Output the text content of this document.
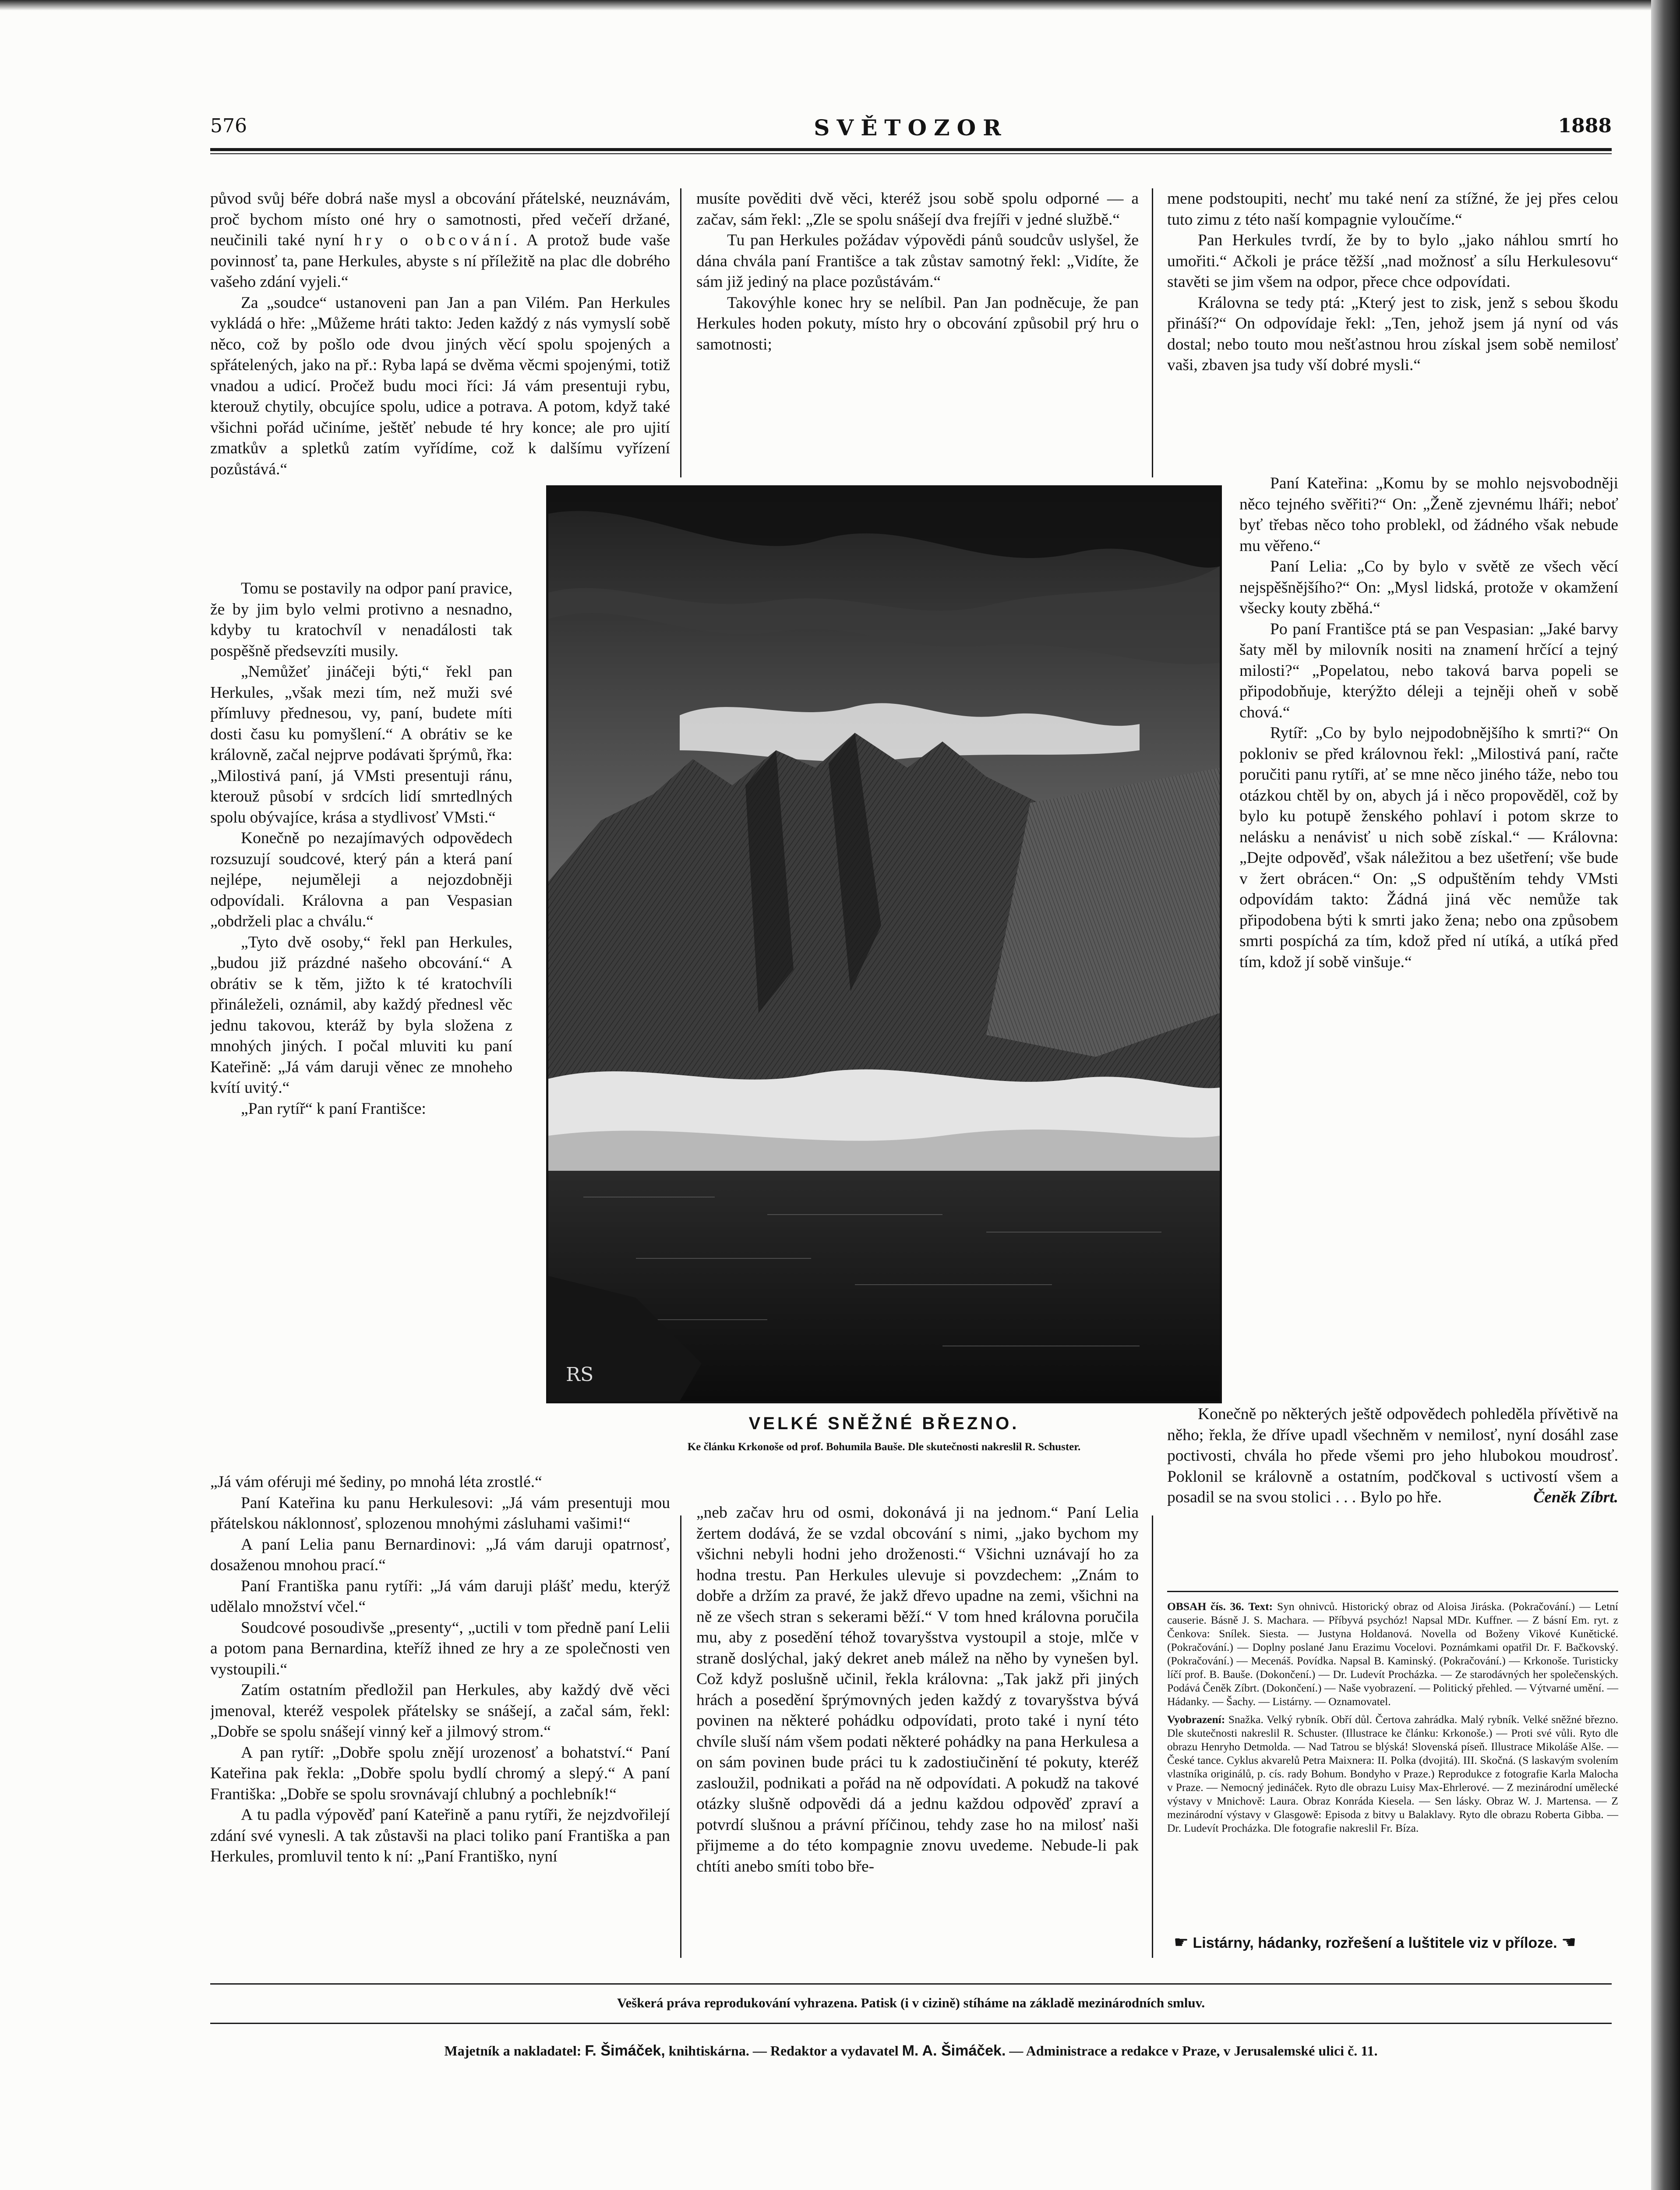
576	SVĚTOZOR	1888

původ svůj béře dobrá naše mysl a obcování přátelské, neuznávám, proč bychom místo oné hry o samotnosti, před večeří držané, neučinili také nyní hry o obcování. A protož bude vaše povinnosť ta, pane Herkules, abyste s ní příležitě na plac dle dobrého vašeho zdání vyjeli.“

Za „soudce“ ustanoveni pan Jan a pan Vilém. Pan Herkules vykládá o hře: „Můžeme hráti takto: Jeden každý z nás vymyslí sobě něco, což by pošlo ode dvou jiných věcí spolu spojených a spřátelených, jako na př.: Ryba lapá se dvěma věcmi spojenými, totiž vnadou a udicí. Pročež budu moci říci: Já vám presentuji rybu, kterouž chytily, obcujíce spolu, udice a potrava. A potom, když také všichni pořád učiníme, ještěť nebude té hry konce; ale pro ujití zmatkův a spletků zatím vyřídíme, což k dalšímu vyřízení pozůstává.“

Tomu se postavily na odpor paní pravice, že by jim bylo velmi protivno a nesnadno, kdyby tu kratochvíl v nenadálosti tak pospěšně předsevzíti musily.

„Nemůžeť jináčeji býti,“ řekl pan Herkules, „však mezi tím, než muži své přímluvy přednesou, vy, paní, budete míti dosti času ku pomyšlení.“ A obrátiv se ke královně, začal nejprve podávati šprýmů, řka: „Milostivá paní, já VMsti presentuji ránu, kterouž působí v srdcích lidí smrtedlných spolu obývajíce, krása a stydlivosť VMsti.“

Konečně po nezajímavých odpovědech rozsuzují soudcové, který pán a která paní nejlépe, nejuměleji a nejozdobněji odpovídali. Královna a pan Vespasian „obdrželi plac a chválu.“

„Tyto dvě osoby,“ řekl pan Herkules, „budou již prázdné našeho obcování.“ A obrátiv se k těm, jižto k té kratochvíli přináleželi, oznámil, aby každý přednesl věc jednu takovou, kteráž by byla složena z mnohých jiných. I počal mluviti ku paní Kateřině: „Já vám daruji věnec ze mnoheho kvítí uvitý.“

„Pan rytíř“ k paní Františce:

„Já vám oféruji mé šediny, po mnohá léta zrostlé.“

Paní Kateřina ku panu Herkulesovi: „Já vám presentuji mou přátelskou náklonnosť, splozenou mnohými zásluhami vašimi!“

A paní Lelia panu Bernardinovi: „Já vám daruji opatrnosť, dosaženou mnohou prací.“

Paní Františka panu rytíři: „Já vám daruji plášť medu, kterýž udělalo množství včel.“

Soudcové posoudivše „presenty“, „uctili v tom předně paní Lelii a potom pana Bernardina, kteříž ihned ze hry a ze společnosti ven vystoupili.“

Zatím ostatním předložil pan Herkules, aby každý dvě věci jmenoval, kteréž vespolek přátelsky se snášejí, a začal sám, řekl: „Dobře se spolu snášejí vinný keř a jilmový strom.“

A pan rytíř: „Dobře spolu znějí urozenosť a bohatství.“ Paní Kateřina pak řekla: „Dobře spolu bydlí chromý a slepý.“ A paní Františka: „Dobře se spolu srovnávají chlubný a pochlebník!“

A tu padla výpověď paní Kateřině a panu rytíři, že nejzdvořilejí zdání své vynesli. A tak zůstavši na placi toliko paní Františka a pan Herkules, promluvil tento k ní: „Paní Františko, nyní

musíte pověditi dvě věci, kteréž jsou sobě spolu odporné — a začav, sám řekl: „Zle se spolu snášejí dva frejíři v jedné službě.“

Tu pan Herkules požádav výpovědi pánů soudcův uslyšel, že dána chvála paní Františce a tak zůstav samotný řekl: „Vidíte, že sám již jediný na place pozůstávám.“

Takovýhle konec hry se nelíbil. Pan Jan podněcuje, že pan Herkules hoden pokuty, místo hry o obcování způsobil prý hru o samotnosti;

mene podstoupiti, nechť mu také není za stížné, že jej přes celou tuto zimu z této naší kompagnie vyloučíme.“

Pan Herkules tvrdí, že by to bylo „jako náhlou smrtí ho umořiti.“ Ačkoli je práce těžší „nad možnosť a sílu Herkulesovu“ stavěti se jim všem na odpor, přece chce odpovídati.

Královna se tedy ptá: „Který jest to zisk, jenž s sebou škodu přináší?“ On odpovídaje řekl: „Ten, jehož jsem já nyní od vás dostal; nebo touto mou nešťastnou hrou získal jsem sobě nemilosť vaši, zbaven jsa tudy vší dobré mysli.“

Paní Kateřina: „Komu by se mohlo nejsvobodněji něco tejného svěřiti?“ On: „Ženě zjevnému lháři; neboť byť třebas něco toho problekl, od žádného však nebude mu věřeno.“

Paní Lelia: „Co by bylo v světě ze všech věcí nejspěšnějšího?“ On: „Mysl lidská, protože v okamžení všecky kouty zběhá.“

Po paní Františce ptá se pan Vespasian: „Jaké barvy šaty měl by milovník nositi na znamení hrčící a tejný milosti?“ „Popelatou, nebo taková barva popeli se připodobňuje, kterýžto déleji a tejněji oheň v sobě chová.“

Rytíř: „Co by bylo nejpodobnějšího k smrti?“ On pokloniv se před královnou řekl: „Milostivá paní, račte poručiti panu rytíři, ať se mne něco jiného táže, nebo tou otázkou chtěl by on, abych já i něco propověděl, což by bylo ku potupě ženského pohlaví i potom skrze to nelásku a nenávisť u nich sobě získal.“ — Královna: „Dejte odpověď, však náležitou a bez ušetření; vše bude v žert obrácen.“ On: „S odpuštěním tehdy VMsti odpovídám takto: Žádná jiná věc nemůže tak připodobena býti k smrti jako žena; nebo ona způsobem smrti pospíchá za tím, kdož před ní utíká, a utíká před tím, kdož jí sobě vinšuje.“

Konečně po některých ještě odpovědech pohleděla přívětivě na něho; řekla, že dříve upadl všechněm v nemilosť, nyní dosáhl zase poctivosti, chvála ho přede všemi pro jeho hlubokou moudrosť. Poklonil se královně a ostatním, podčkoval s uctivostí všem a posadil se na svou stolici . . . Bylo po hře.	Čeněk Zíbrt.

RS
VELKÉ SNĚŽNÉ BŘEZNO.
Ke článku Krkonoše od prof. Bohumila Bauše. Dle skutečnosti nakreslil R. Schuster.

„neb začav hru od osmi, dokonává ji na jednom.“ Paní Lelia žertem dodává, že se vzdal obcování s nimi, „jako bychom my všichni nebyli hodni jeho droženosti.“ Všichni uznávají ho za hodna trestu. Pan Herkules ulevuje si povzdechem: „Znám to dobře a držím za pravé, že jakž dřevo upadne na zemi, všichni na ně ze všech stran s sekerami běží.“ V tom hned královna poručila mu, aby z posedění téhož tovaryšstva vystoupil a stoje, mlče v straně doslýchal, jaký dekret aneb málež na něho by vynešen byl. Což když poslušně učinil, řekla královna: „Tak jakž při jiných hrách a posedění šprýmovných jeden každý z tovaryšstva bývá povinen na některé pohádku odpovídati, proto také i nyní této chvíle sluší nám všem podati některé pohádky na pana Herkulesa a on sám povinen bude práci tu k zadostiučinění té pokuty, kteréž zasloužil, podnikati a pořád na ně odpovídati. A pokudž na takové otázky slušně odpovědi dá a jednu každou odpověď zpraví a potvrdí slušnou a právní příčinou, tehdy zase ho na milosť naši přijmeme a do této kompagnie znovu uvedeme. Nebude-li pak chtíti anebo smíti tobo bře-

OBSAH čís. 36. Text: Syn ohnivců. Historický obraz od Aloisa Jiráska. (Pokračování.) — Letní causerie. Básně J. S. Machara. — Příbyvá psychóz! Napsal MDr. Kuffner. — Z básní Em. ryt. z Čenkova: Snílek. Siesta. — Justyna Holdanová. Novella od Boženy Vikové Kunětické. (Pokračování.) — Doplny poslané Janu Erazimu Vocelovi. Poznámkami opatřil Dr. F. Bačkovský. (Pokračování.) — Mecenáš. Povídka. Napsal B. Kaminský. (Pokračování.) — Krkonoše. Turisticky líčí prof. B. Bauše. (Dokončení.) — Dr. Ludevít Procházka. — Ze starodávných her společenských. Podává Čeněk Zíbrt. (Dokončení.) — Naše vyobrazení. — Politický přehled. — Výtvarné umění. — Hádanky. — Šachy. — Listárny. — Oznamovatel.

Vyobrazení: Snažka. Velký rybník. Obří důl. Čertova zahrádka. Malý rybník. Velké sněžné březno. Dle skutečnosti nakreslil R. Schuster. (Illustrace ke článku: Krkonoše.) — Proti své vůli. Ryto dle obrazu Henryho Detmolda. — Nad Tatrou se blýská! Slovenská píseň. Illustrace Mikoláše Alše. — České tance. Cyklus akvarelů Petra Maixnera: II. Polka (dvojitá). III. Skočná. (S laskavým svolením vlastníka originálů, p. cís. rady Bohum. Bondyho v Praze.) Reprodukce z fotografie Karla Malocha v Praze. — Nemocný jedináček. Ryto dle obrazu Luisy Max-Ehrlerové. — Z mezinárodní umělecké výstavy v Mnichově: Laura. Obraz Konráda Kiesela. — Sen lásky. Obraz W. J. Martensa. — Z mezinárodní výstavy v Glasgowě: Episoda z bitvy u Balaklavy. Ryto dle obrazu Roberta Gibba. — Dr. Ludevít Procházka. Dle fotografie nakreslil Fr. Bíza.

☛ Listárny, hádanky, rozřešení a luštitele viz v příloze. ☚
Veškerá práva reprodukování vyhrazena. Patisk (i v cizině) stíháme na základě mezinárodních smluv.
Majetník a nakladatel: F. Šimáček, knihtiskárna. — Redaktor a vydavatel M. A. Šimáček. — Administrace a redakce v Praze, v Jerusalemské ulici č. 11.
